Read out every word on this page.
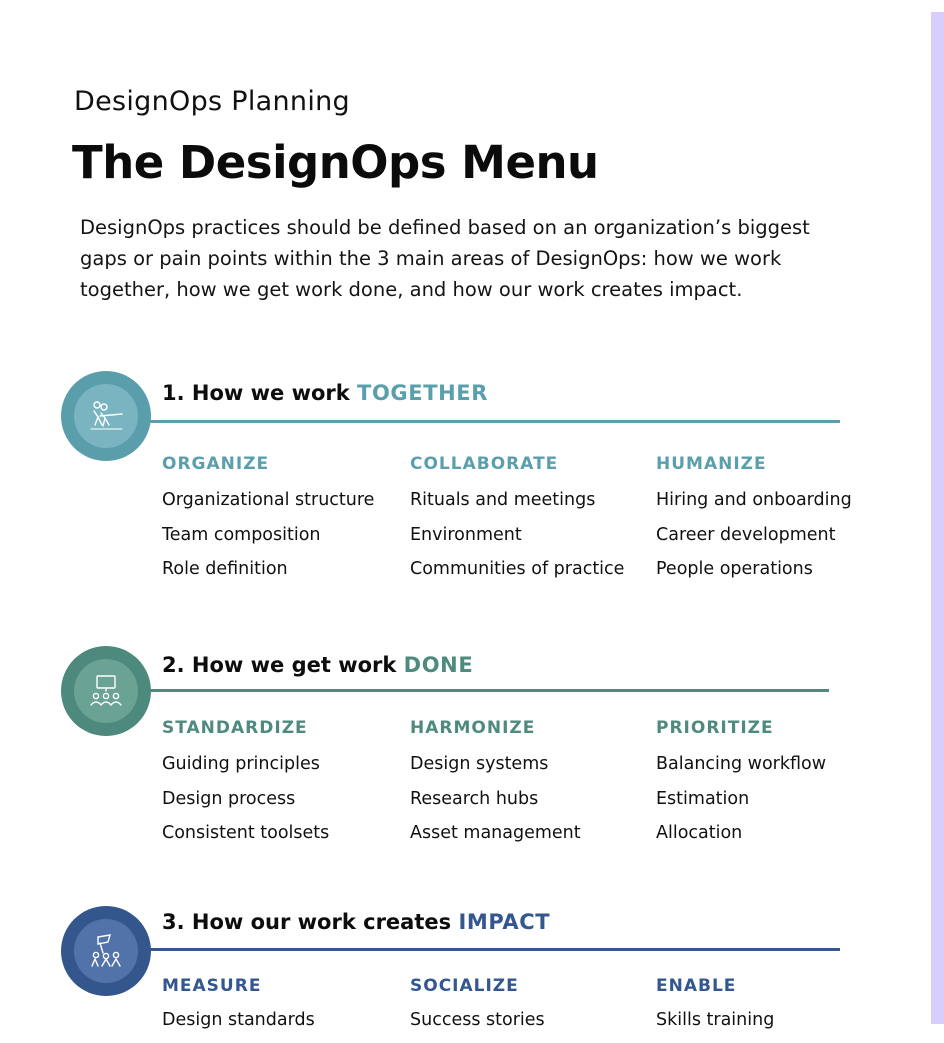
DesignOps Planning
The DesignOps Menu
DesignOps practices should be defined based on an organization’s biggest gaps or pain points within the 3 main areas of DesignOps: how we work together, how we get work done, and how our work creates impact.
1. How we work TOGETHER
ORGANIZE
Organizational structure
Team composition
Role definition
COLLABORATE
Rituals and meetings
Environment
Communities of practice
HUMANIZE
Hiring and onboarding
Career development
People operations
2. How we get work DONE
STANDARDIZE
Guiding principles
Design process
Consistent toolsets
HARMONIZE
Design systems
Research hubs
Asset management
PRIORITIZE
Balancing workflow
Estimation
Allocation
3. How our work creates IMPACT
MEASURE
Design standards
SOCIALIZE
Success stories
ENABLE
Skills training
